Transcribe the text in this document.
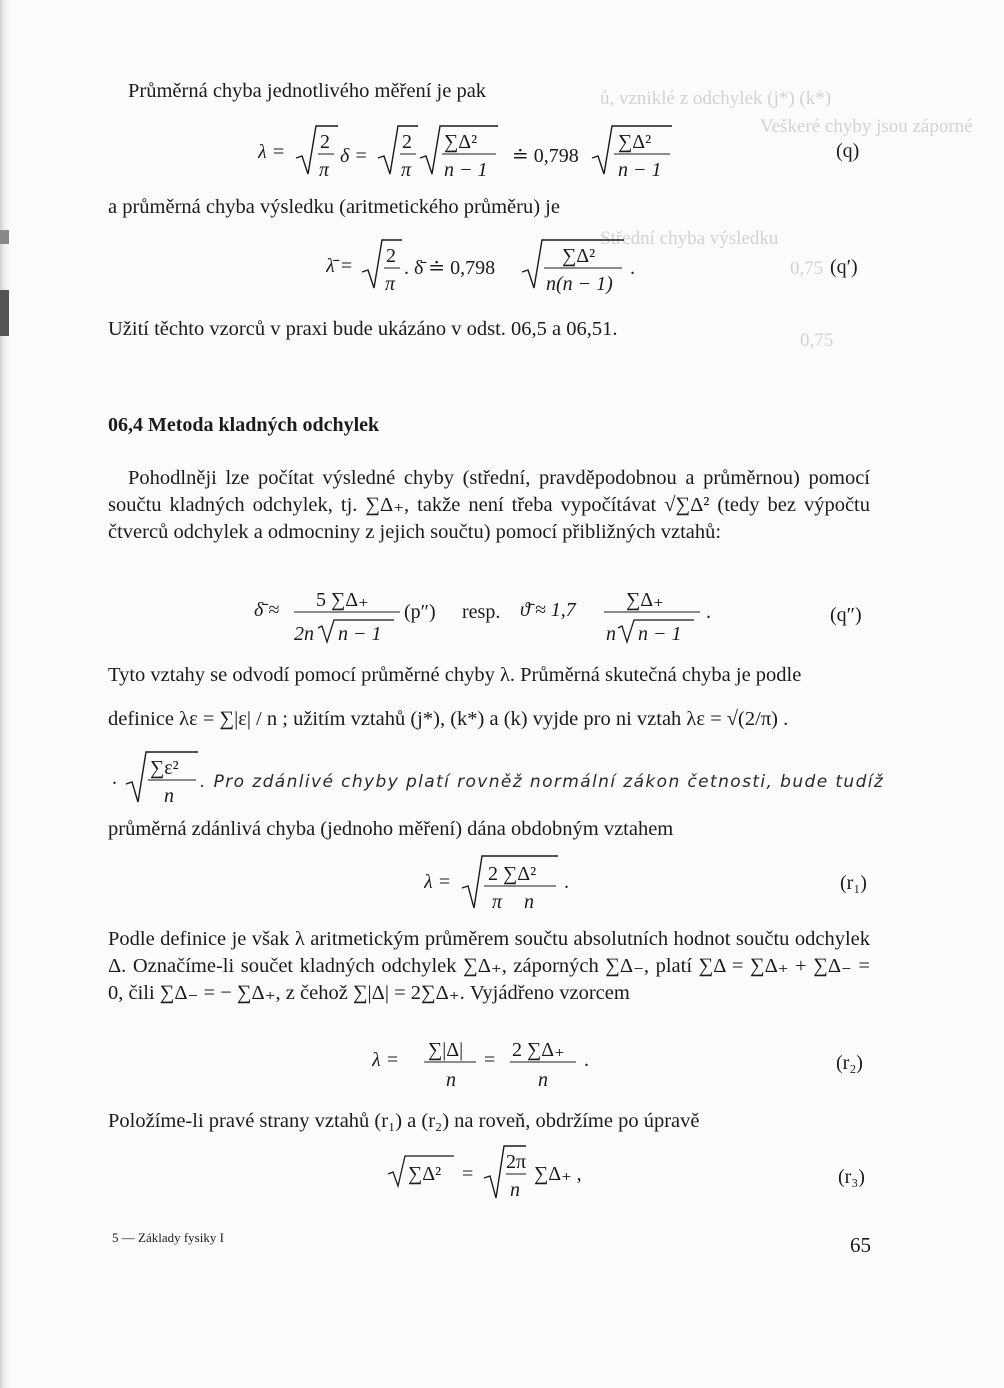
ů, vzniklé z odchylek (j*) (k*)

Veškeré chyby jsou záporné

Střední chyba výsledku

0,75

0,75

Průměrná chyba jednotlivého měření je pak

λ = 2
π
δ =
2
π
∑Δ²
n − 1
≐ 0,798
∑Δ²
n − 1

(q)

a průměrná chyba výsledku (aritmetického průměru) je

λ̄ = 2
π
. δ̄ ≐ 0,798
∑Δ²
n(n − 1)
.	(q′)

Užití těchto vzorců v praxi bude ukázáno v odst. 06,5 a 06,51.

06,4 Metoda kladných odchylek

Pohodlněji lze počítat výsledné chyby (střední, pravděpodobnou a průměrnou) pomocí součtu kladných odchylek, tj. ∑Δ₊, takže není třeba vypočítávat √∑Δ² (tedy bez výpočtu čtverců odchylek a odmocniny z jejich součtu) pomocí přibližných vztahů:

δ̄ ≈ 5 ∑Δ₊
2n n − 1
(p″) resp. ϑ̄ ≈ 1,7	∑Δ₊
n n − 1
.	(q″)

Tyto vztahy se odvodí pomocí průměrné chyby λ. Průměrná skutečná chyba je podle

definice λε = ∑|ε| / n ; užitím vztahů (j*), (k*) a (k) vyjde pro ni vztah λε = √(2/π) .

. ∑ε²
n

. Pro zdánlivé chyby platí rovněž normální zákon četnosti, bude tudíž

průměrná zdánlivá chyba (jednoho měření) dána obdobným vztahem

λ = 2 ∑Δ²
π n
.	(r₁)

Podle definice je však λ aritmetickým průměrem součtu absolutních hodnot součtu odchylek Δ. Označíme-li součet kladných odchylek ∑Δ₊, záporných ∑Δ₋, platí ∑Δ = ∑Δ₊ + ∑Δ₋ = 0, čili ∑Δ₋ = − ∑Δ₊, z čehož ∑|Δ| = 2∑Δ₊. Vyjádřeno vzorcem

λ = ∑|Δ|
n
= 2 ∑Δ₊
n
.	(r₂)

Položíme-li pravé strany vztahů (r₁) a (r₂) na roveň, obdržíme po úpravě

∑Δ² =
2π
n
∑Δ₊ ,	(r₃)

5 — Základy fysiky I	65
